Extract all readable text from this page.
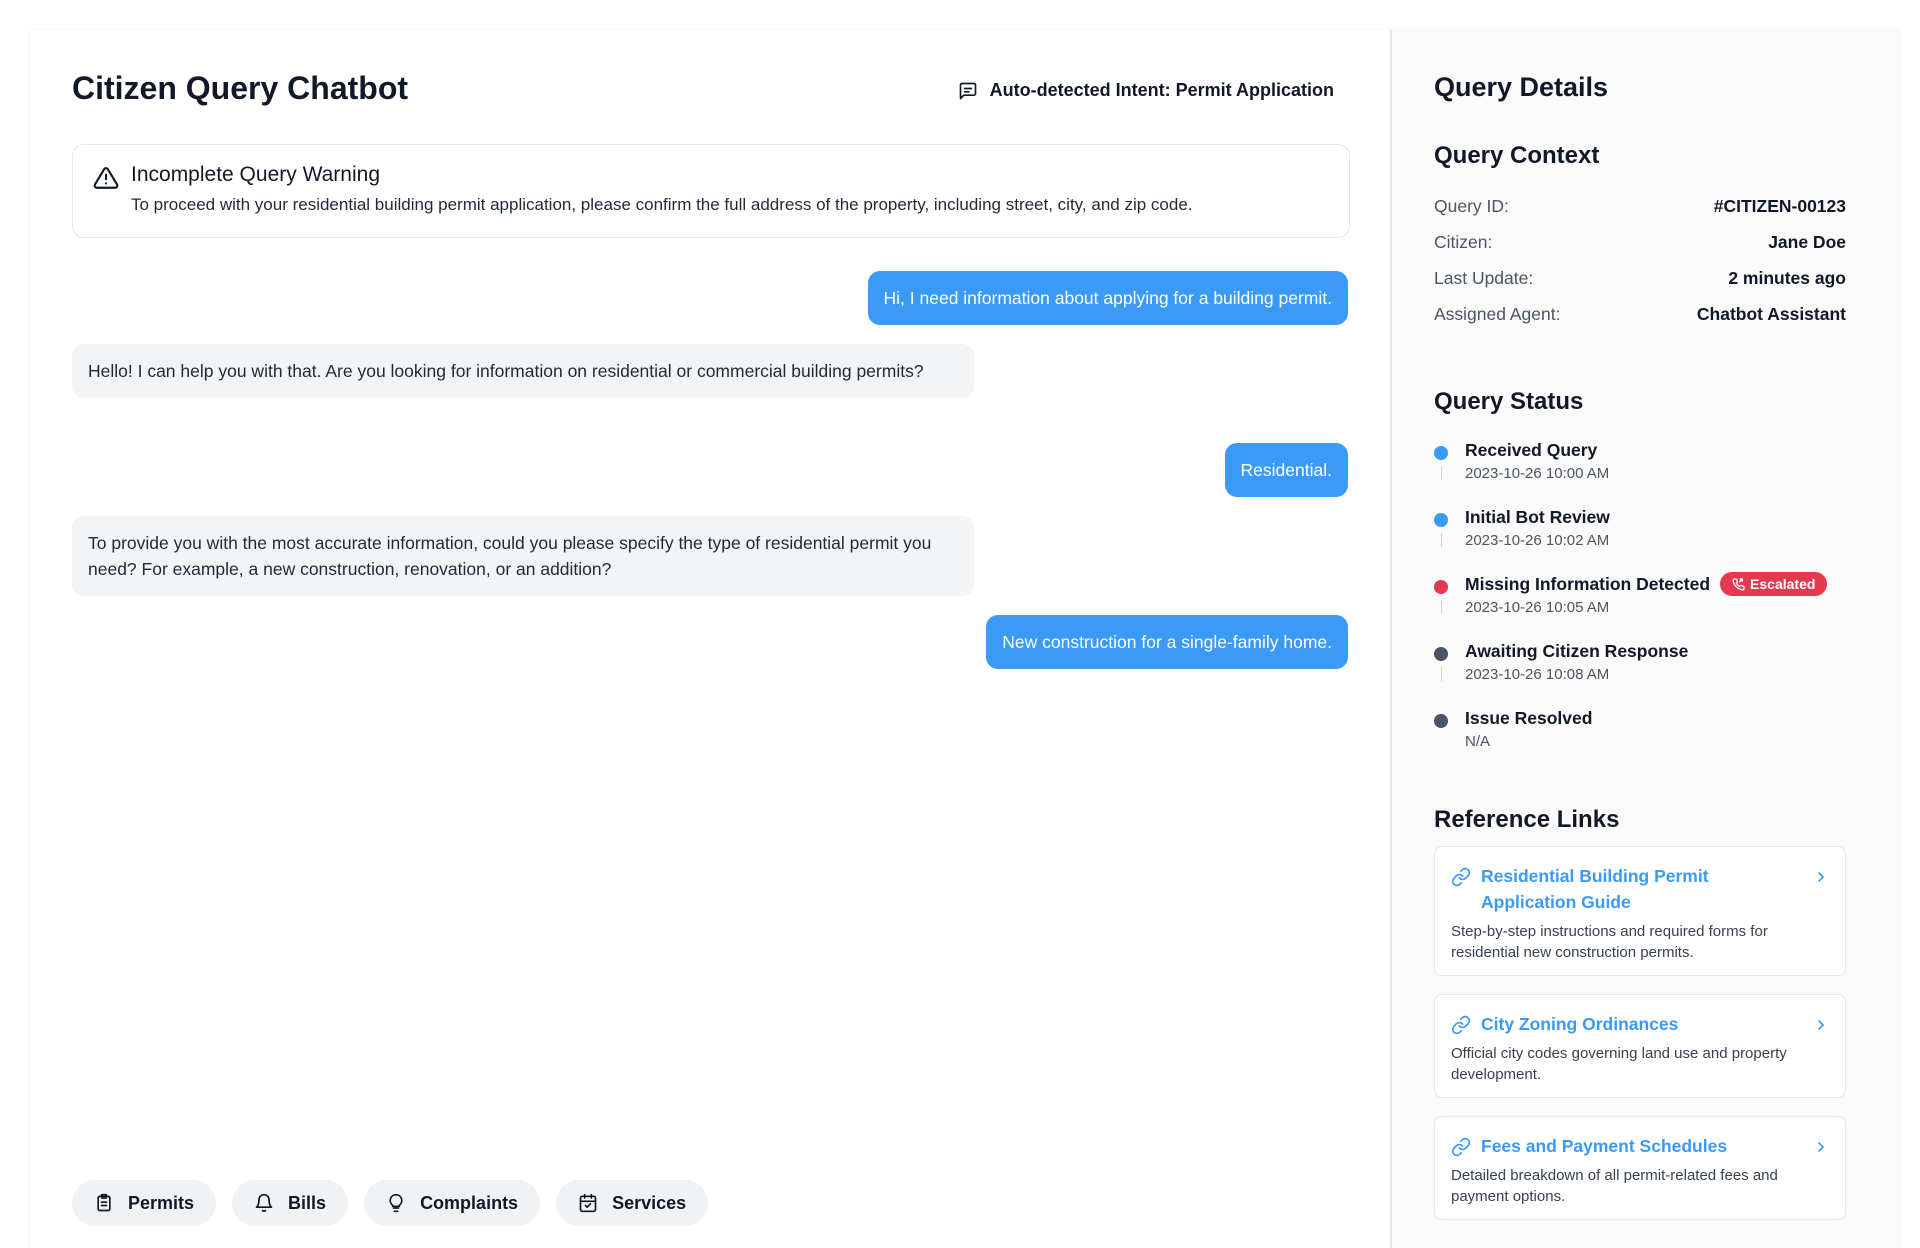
Citizen Query Chatbot	Auto-detected Intent: Permit Application
Incomplete Query Warning
To proceed with your residential building permit application, please confirm the full address of the property, including street, city, and zip code.
Hi, I need information about applying for a building permit.
Hello! I can help you with that. Are you looking for information on residential or commercial building permits?
Residential.
To provide you with the most accurate information, could you please specify the type of residential permit you need? For example, a new construction, renovation, or an addition?
New construction for a single-family home.
Permits	Bills	Complaints	Services
Query Details
Query Context
Query ID:	#CITIZEN-00123
Citizen:	Jane Doe
Last Update:	2 minutes ago
Assigned Agent:	Chatbot Assistant
Query Status
Received Query
2023-10-26 10:00 AM
Initial Bot Review
2023-10-26 10:02 AM
Missing Information Detected	Escalated
2023-10-26 10:05 AM
Awaiting Citizen Response
2023-10-26 10:08 AM
Issue Resolved
N/A
Reference Links
Residential Building Permit Application Guide
Step-by-step instructions and required forms for residential new construction permits.
City Zoning Ordinances
Official city codes governing land use and property development.
Fees and Payment Schedules
Detailed breakdown of all permit-related fees and payment options.
